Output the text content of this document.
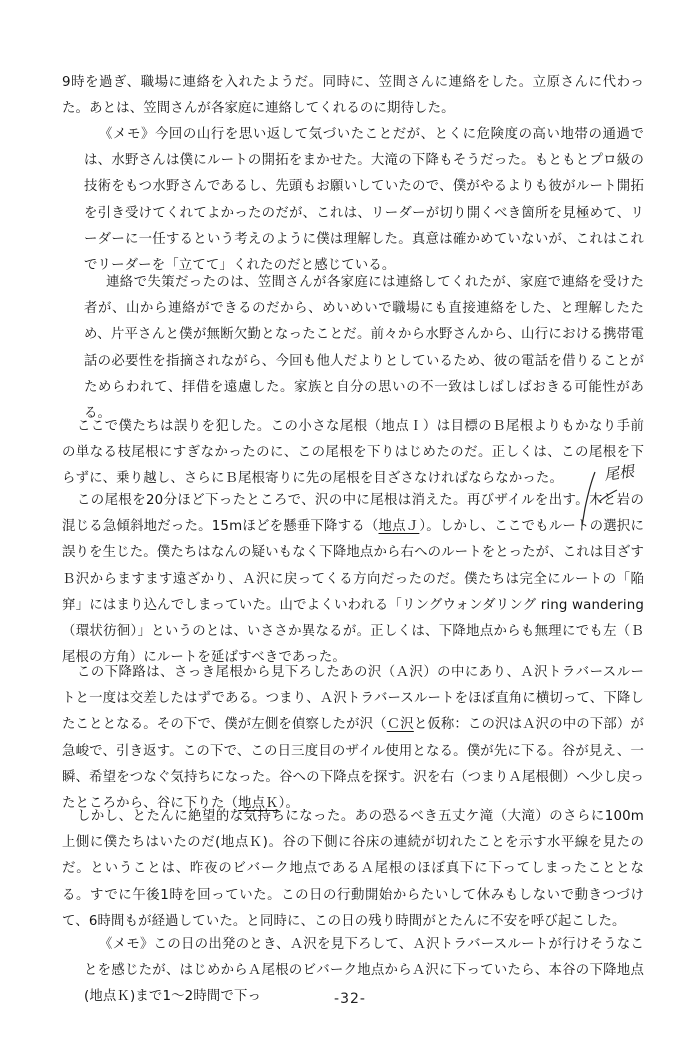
9時を過ぎ、職場に連絡を入れたようだ。同時に、笠間さんに連絡をした。立原さんに代わった。あとは、笠間さんが各家庭に連絡してくれるのに期待した。

《メモ》今回の山行を思い返して気づいたことだが、とくに危険度の高い地帯の通過では、水野さんは僕にルートの開拓をまかせた。大滝の下降もそうだった。もともとプロ級の技術をもつ水野さんであるし、先頭もお願いしていたので、僕がやるよりも彼がルート開拓を引き受けてくれてよかったのだが、これは、リーダーが切り開くべき箇所を見極めて、リーダーに一任するという考えのように僕は理解した。真意は確かめていないが、これはこれでリーダーを「立てて」くれたのだと感じている。

連絡で失策だったのは、笠間さんが各家庭には連絡してくれたが、家庭で連絡を受けた者が、山から連絡ができるのだから、めいめいで職場にも直接連絡をした、と理解したため、片平さんと僕が無断欠勤となったことだ。前々から水野さんから、山行における携帯電話の必要性を指摘されながら、今回も他人だよりとしているため、彼の電話を借りることがためらわれて、拝借を遠慮した。家族と自分の思いの不一致はしばしばおきる可能性がある。

ここで僕たちは誤りを犯した。この小さな尾根（地点Ｉ）は目標のＢ尾根よりもかなり手前の単なる枝尾根にすぎなかったのに、この尾根を下りはじめたのだ。正しくは、この尾根を下らずに、乗り越し、さらにＢ尾根寄りに先の尾根を目ざさなければならなかった。

この尾根を20分ほど下ったところで、沢の中に尾根は消えた。再びザイルを出す。木と岩の混じる急傾斜地だった。15mほどを懸垂下降する（地点Ｊ）。しかし、ここでもルートの選択に誤りを生じた。僕たちはなんの疑いもなく下降地点から右へのルートをとったが、これは目ざすＢ沢からますます遠ざかり、Ａ沢に戻ってくる方向だったのだ。僕たちは完全にルートの「陥穽」にはまり込んでしまっていた。山でよくいわれる「リングウォンダリング ring wandering（環状彷徊）」というのとは、いささか異なるが。正しくは、下降地点からも無理にでも左（Ｂ尾根の方角）にルートを延ばすべきであった。

この下降路は、さっき尾根から見下ろしたあの沢（Ａ沢）の中にあり、Ａ沢トラバースルートと一度は交差したはずである。つまり、Ａ沢トラバースルートをほぼ直角に横切って、下降したこととなる。その下で、僕が左側を偵察したが沢（Ｃ沢と仮称：この沢はＡ沢の中の下部）が急峻で、引き返す。この下で、この日三度目のザイル使用となる。僕が先に下る。谷が見え、一瞬、希望をつなぐ気持ちになった。谷への下降点を探す。沢を右（つまりＡ尾根側）へ少し戻ったところから、谷に下りた（地点Ｋ）。

しかし、とたんに絶望的な気持ちになった。あの恐るべき五丈ケ滝（大滝）のさらに100m上側に僕たちはいたのだ(地点Ｋ)。谷の下側に谷床の連続が切れたことを示す水平線を見たのだ。ということは、昨夜のビバーク地点であるＡ尾根のほぼ真下に下ってしまったこととなる。すでに午後1時を回っていた。この日の行動開始からたいして休みもしないで動きつづけて、6時間もが経過していた。と同時に、この日の残り時間がとたんに不安を呼び起こした。

《メモ》この日の出発のとき、Ａ沢を見下ろして、Ａ沢トラバースルートが行けそうなことを感じたが、はじめからＡ尾根のビバーク地点からＡ沢に下っていたら、本谷の下降地点(地点Ｋ)まで1～2時間で下っ

尾根
-32-
